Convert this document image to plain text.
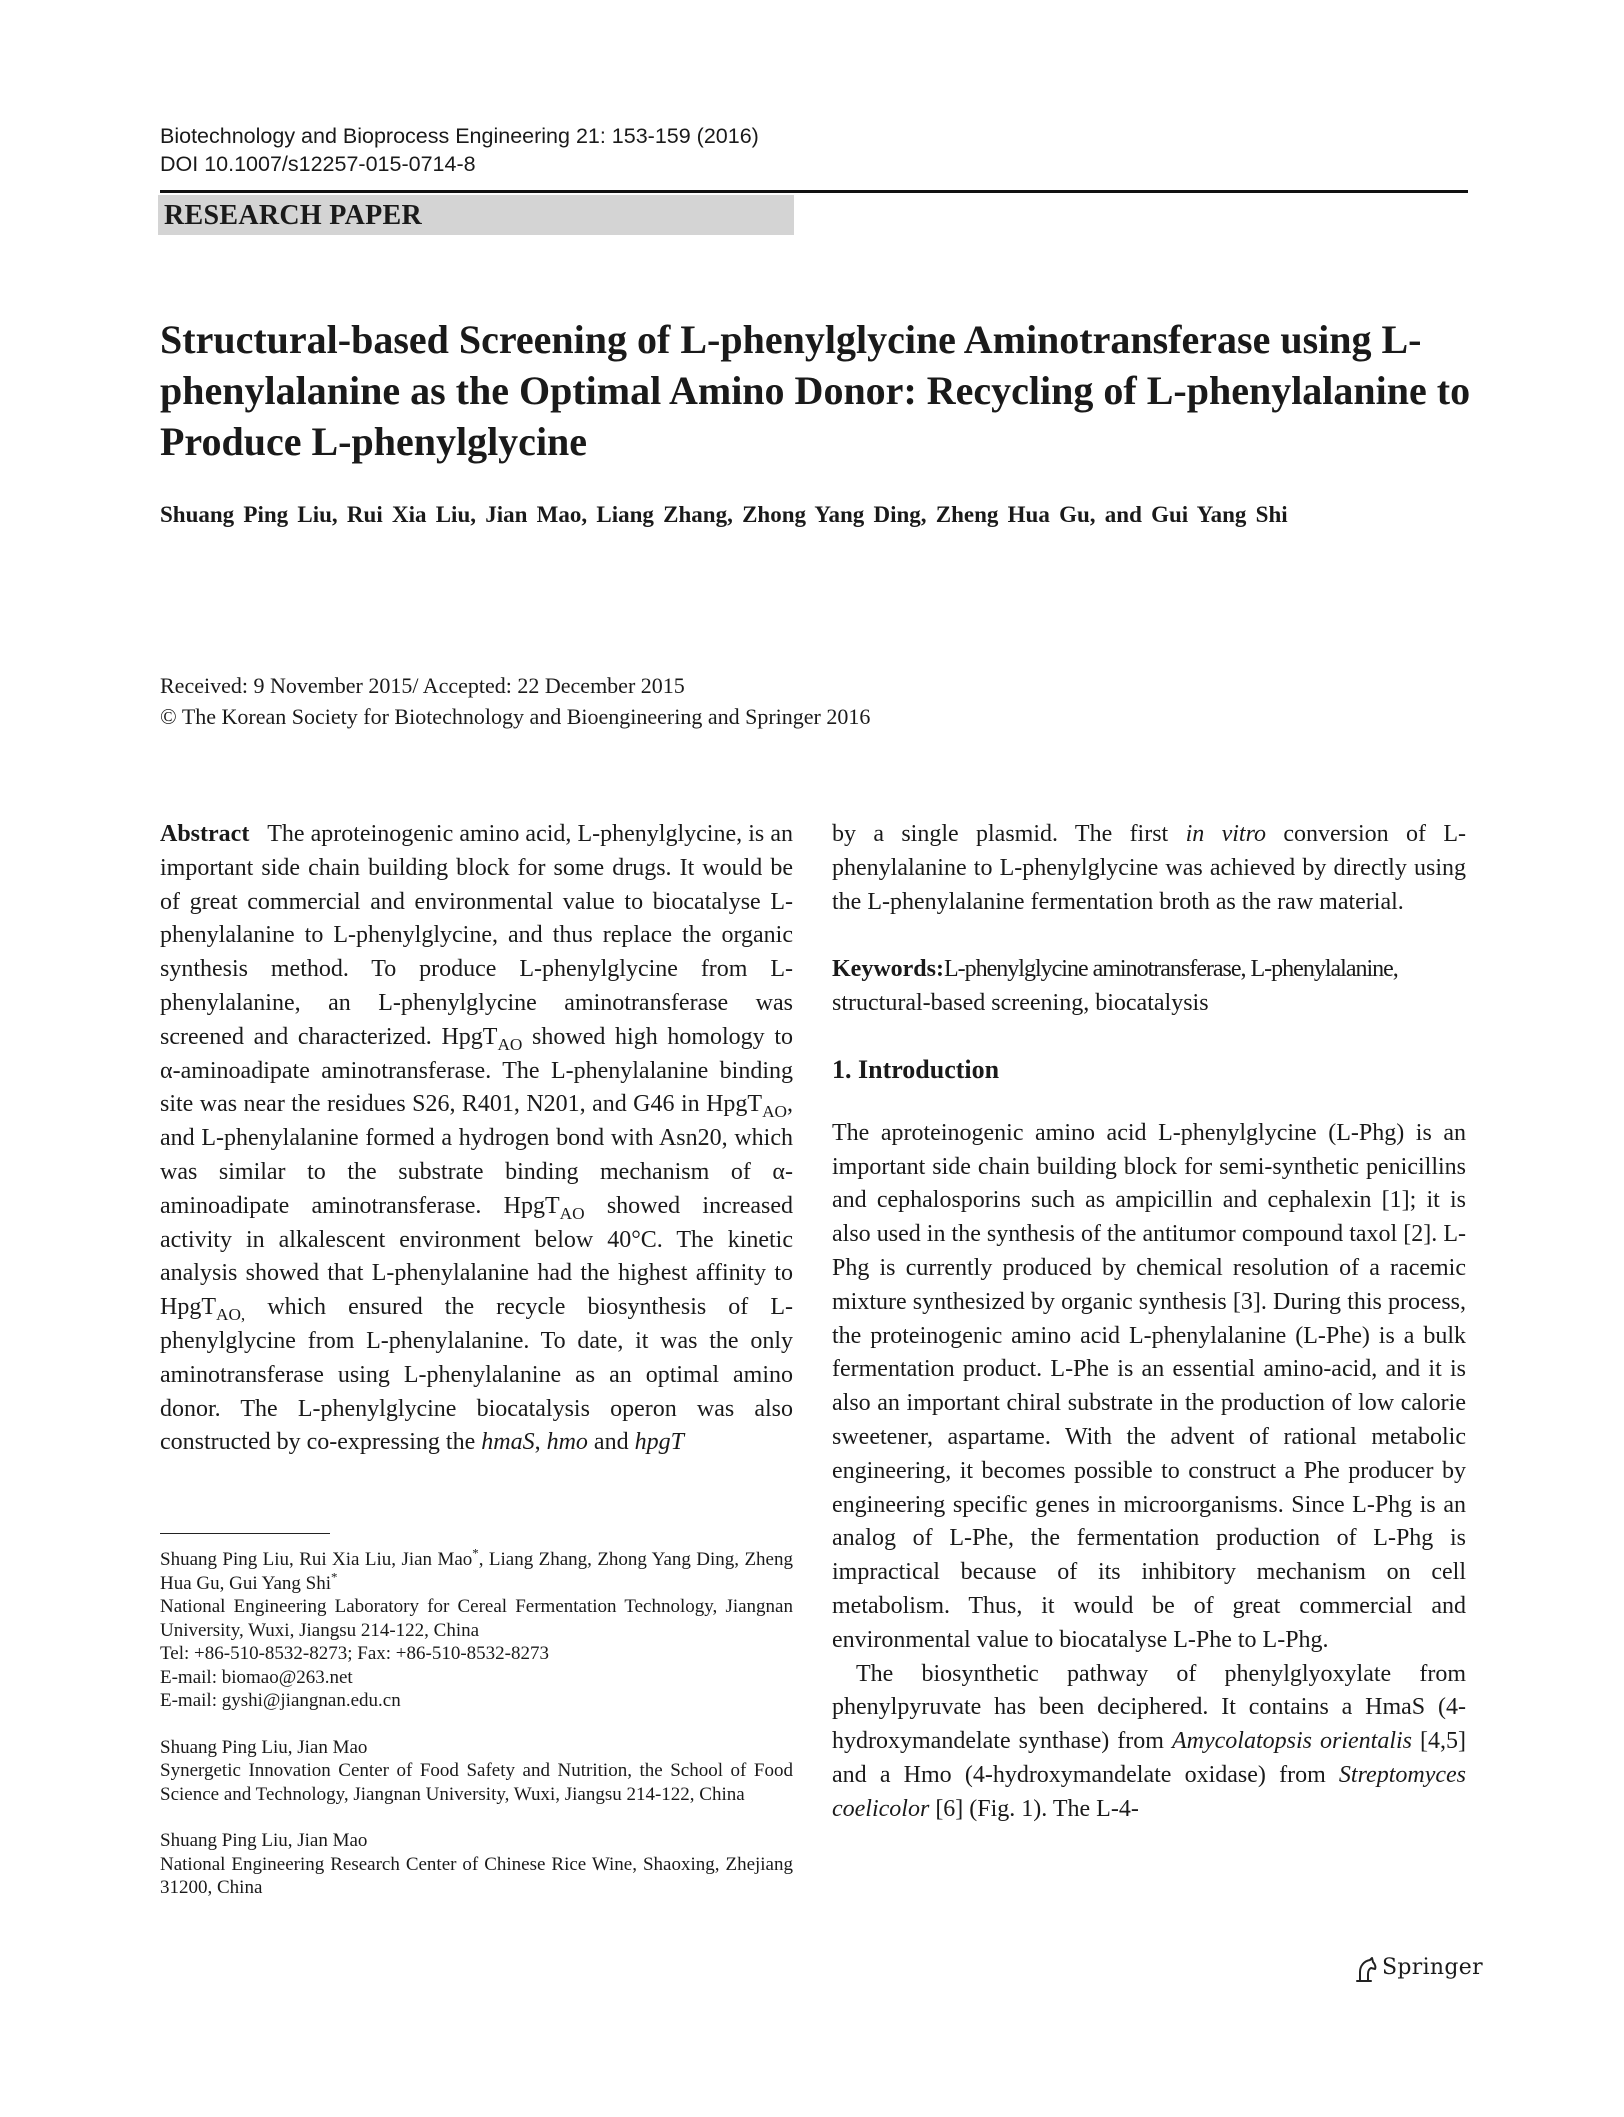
Biotechnology and Bioprocess Engineering 21: 153-159 (2016)
DOI 10.1007/s12257-015-0714-8
RESEARCH PAPER
Structural-based Screening of L-phenylglycine Aminotransferase using L-phenylalanine as the Optimal Amino Donor: Recycling of L-phenylalanine to Produce L-phenylglycine
Shuang Ping Liu, Rui Xia Liu, Jian Mao, Liang Zhang, Zhong Yang Ding, Zheng Hua Gu, and Gui Yang Shi
Received: 9 November 2015/ Accepted: 22 December 2015
© The Korean Society for Biotechnology and Bioengineering and Springer 2016

Abstract The aproteinogenic amino acid, L-phenylglycine, is an important side chain building block for some drugs. It would be of great commercial and environmental value to biocatalyse L-phenylalanine to L-phenylglycine, and thus replace the organic synthesis method. To produce L-phenylglycine from L-phenylalanine, an L-phenylglycine aminotransferase was screened and characterized. HpgT$_{AO}$ showed high homology to α-aminoadipate aminotransferase. The L-phenylalanine binding site was near the residues S26, R401, N201, and G46 in HpgT$_{AO}$, and L-phenylalanine formed a hydrogen bond with Asn20, which was similar to the substrate binding mechanism of α-aminoadipate aminotransferase. HpgT$_{AO}$ showed increased activity in alkalescent environment below 40°C. The kinetic analysis showed that L-phenylalanine had the highest affinity to HpgT$_{AO,}$ which ensured the recycle biosynthesis of L-phenylglycine from L-phenylalanine. To date, it was the only aminotransferase using L-phenylalanine as an optimal amino donor. The L-phenylglycine biocatalysis operon was also constructed by co-expressing the hmaS, hmo and hpgT

by a single plasmid. The first in vitro conversion of L-phenylalanine to L-phenylglycine was achieved by directly using the L-phenylalanine fermentation broth as the raw material.

Keywords:L-phenylglycine aminotransferase, L-phenylalanine,
structural-based screening, biocatalysis

1. Introduction

The aproteinogenic amino acid L-phenylglycine (L-Phg) is an important side chain building block for semi-synthetic penicillins and cephalosporins such as ampicillin and cephalexin [1]; it is also used in the synthesis of the antitumor compound taxol [2]. L-Phg is currently produced by chemical resolution of a racemic mixture synthesized by organic synthesis [3]. During this process, the proteinogenic amino acid L-phenylalanine (L-Phe) is a bulk fermentation product. L-Phe is an essential amino-acid, and it is also an important chiral substrate in the production of low calorie sweetener, aspartame. With the advent of rational metabolic engineering, it becomes possible to construct a Phe producer by engineering specific genes in microorganisms. Since L-Phg is an analog of L-Phe, the fermentation production of L-Phg is impractical because of its inhibitory mechanism on cell metabolism. Thus, it would be of great commercial and environmental value to biocatalyse L-Phe to L-Phg.

The biosynthetic pathway of phenylglyoxylate from phenylpyruvate has been deciphered. It contains a HmaS (4-hydroxymandelate synthase) from Amycolatopsis orientalis [4,5] and a Hmo (4-hydroxymandelate oxidase) from Streptomyces coelicolor [6] (Fig. 1). The L-4-

Shuang Ping Liu, Rui Xia Liu, Jian Mao*, Liang Zhang, Zhong Yang Ding, Zheng Hua Gu, Gui Yang Shi*

National Engineering Laboratory for Cereal Fermentation Technology, Jiangnan University, Wuxi, Jiangsu 214-122, China

Tel: +86-510-8532-8273; Fax: +86-510-8532-8273

E-mail: biomao@263.net

E-mail: gyshi@jiangnan.edu.cn

Shuang Ping Liu, Jian Mao

Synergetic Innovation Center of Food Safety and Nutrition, the School of Food Science and Technology, Jiangnan University, Wuxi, Jiangsu 214-122, China

Shuang Ping Liu, Jian Mao

National Engineering Research Center of Chinese Rice Wine, Shaoxing, Zhejiang 31200, China

Springer
